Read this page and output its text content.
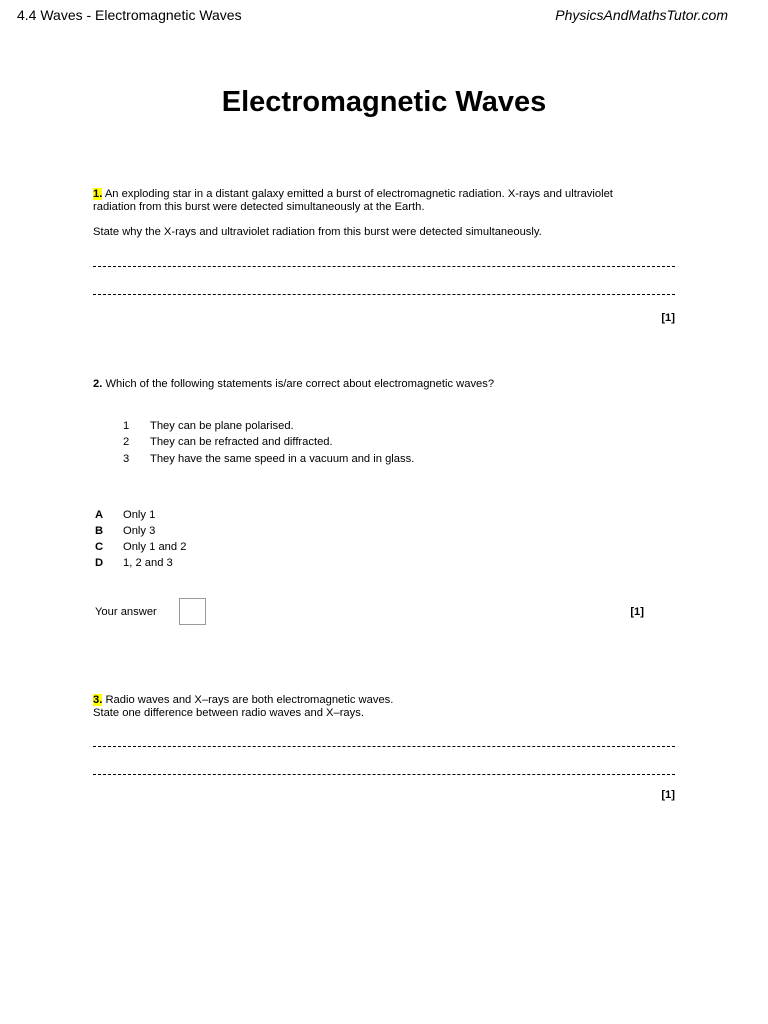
4.4 Waves - Electromagnetic Waves	PhysicsAndMathsTutor.com
Electromagnetic Waves
1. An exploding star in a distant galaxy emitted a burst of electromagnetic radiation. X-rays and ultraviolet radiation from this burst were detected simultaneously at the Earth.
State why the X-rays and ultraviolet radiation from this burst were detected simultaneously.
[1]
2. Which of the following statements is/are correct about electromagnetic waves?
1 They can be plane polarised.
2 They can be refracted and diffracted.
3 They have the same speed in a vacuum and in glass.
A Only 1
B Only 3
C Only 1 and 2
D 1, 2 and 3
Your answer	[1]
3. Radio waves and X–rays are both electromagnetic waves.
State one difference between radio waves and X–rays.
[1]
